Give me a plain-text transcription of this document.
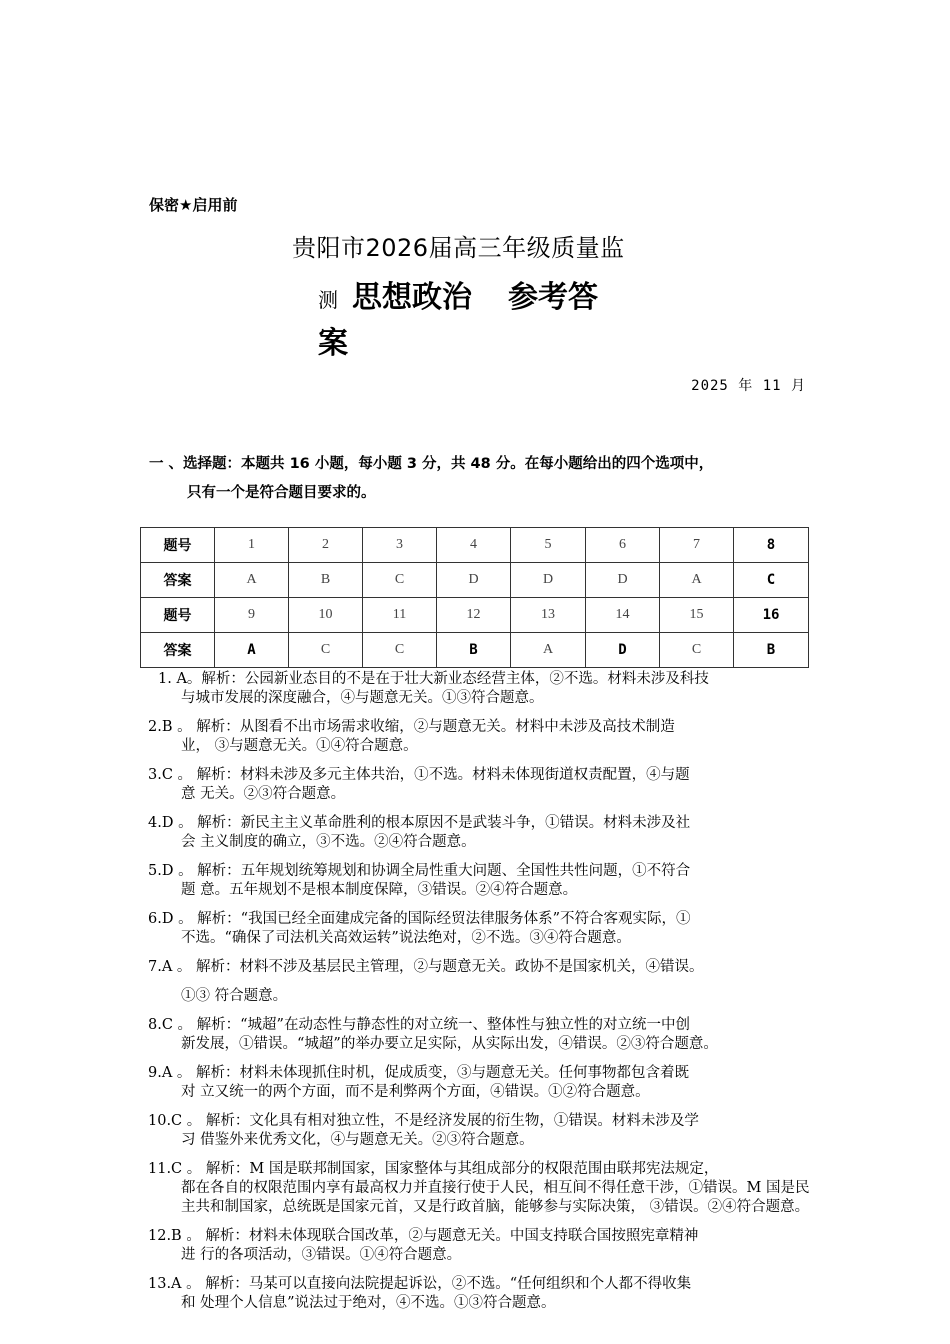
保密★启用前
贵阳市2026届高三年级质量监
测 思想政治 参考答
案
2025 年 11 月
一 、选择题：本题共 16 小题，每小题 3 分，共 48 分。在每小题给出的四个选项中，
只有一个是符合题目要求的。
题号	1	2	3	4	5	6	7	8
答案	A	B	C	D	D	D	A	C
题号	9	10	11	12	13	14	15	16
答案	A	C	C	B	A	D	C	B
1. A。解析：公园新业态目的不是在于壮大新业态经营主体，②不选。材料未涉及科技
与城市发展的深度融合，④与题意无关。①③符合题意。
2.B 。 解析：从图看不出市场需求收缩，②与题意无关。材料中未涉及高技术制造
业， ③与题意无关。①④符合题意。
3.C 。 解析：材料未涉及多元主体共治，①不选。材料未体现街道权责配置，④与题
意 无关。②③符合题意。
4.D 。 解析：新民主主义革命胜利的根本原因不是武装斗争，①错误。材料未涉及社
会 主义制度的确立，③不选。②④符合题意。
5.D 。 解析：五年规划统筹规划和协调全局性重大问题、全国性共性问题，①不符合
题 意。五年规划不是根本制度保障，③错误。②④符合题意。
6.D 。 解析：“我国已经全面建成完备的国际经贸法律服务体系”不符合客观实际，①
不选。“确保了司法机关高效运转”说法绝对，②不选。③④符合题意。
7.A 。 解析：材料不涉及基层民主管理，②与题意无关。政协不是国家机关，④错误。
①③ 符合题意。
8.C 。 解析：“城超”在动态性与静态性的对立统一、整体性与独立性的对立统一中创
新发展，①错误。“城超”的举办要立足实际，从实际出发，④错误。②③符合题意。
9.A 。 解析：材料未体现抓住时机，促成质变，③与题意无关。任何事物都包含着既
对 立又统一的两个方面，而不是利弊两个方面，④错误。①②符合题意。
10.C 。 解析：文化具有相对独立性，不是经济发展的衍生物，①错误。材料未涉及学
习 借鉴外来优秀文化，④与题意无关。②③符合题意。
11.C 。 解析：M 国是联邦制国家，国家整体与其组成部分的权限范围由联邦宪法规定，
都在各自的权限范围内享有最高权力并直接行使于人民，相互间不得任意干涉，①错误。M 国是民主共和制国家，总统既是国家元首，又是行政首脑，能够参与实际决策， ③错误。②④符合题意。
12.B 。 解析：材料未体现联合国改革，②与题意无关。中国支持联合国按照宪章精神
进 行的各项活动，③错误。①④符合题意。
13.A 。 解析：马某可以直接向法院提起诉讼，②不选。“任何组织和个人都不得收集
和 处理个人信息”说法过于绝对，④不选。①③符合题意。
